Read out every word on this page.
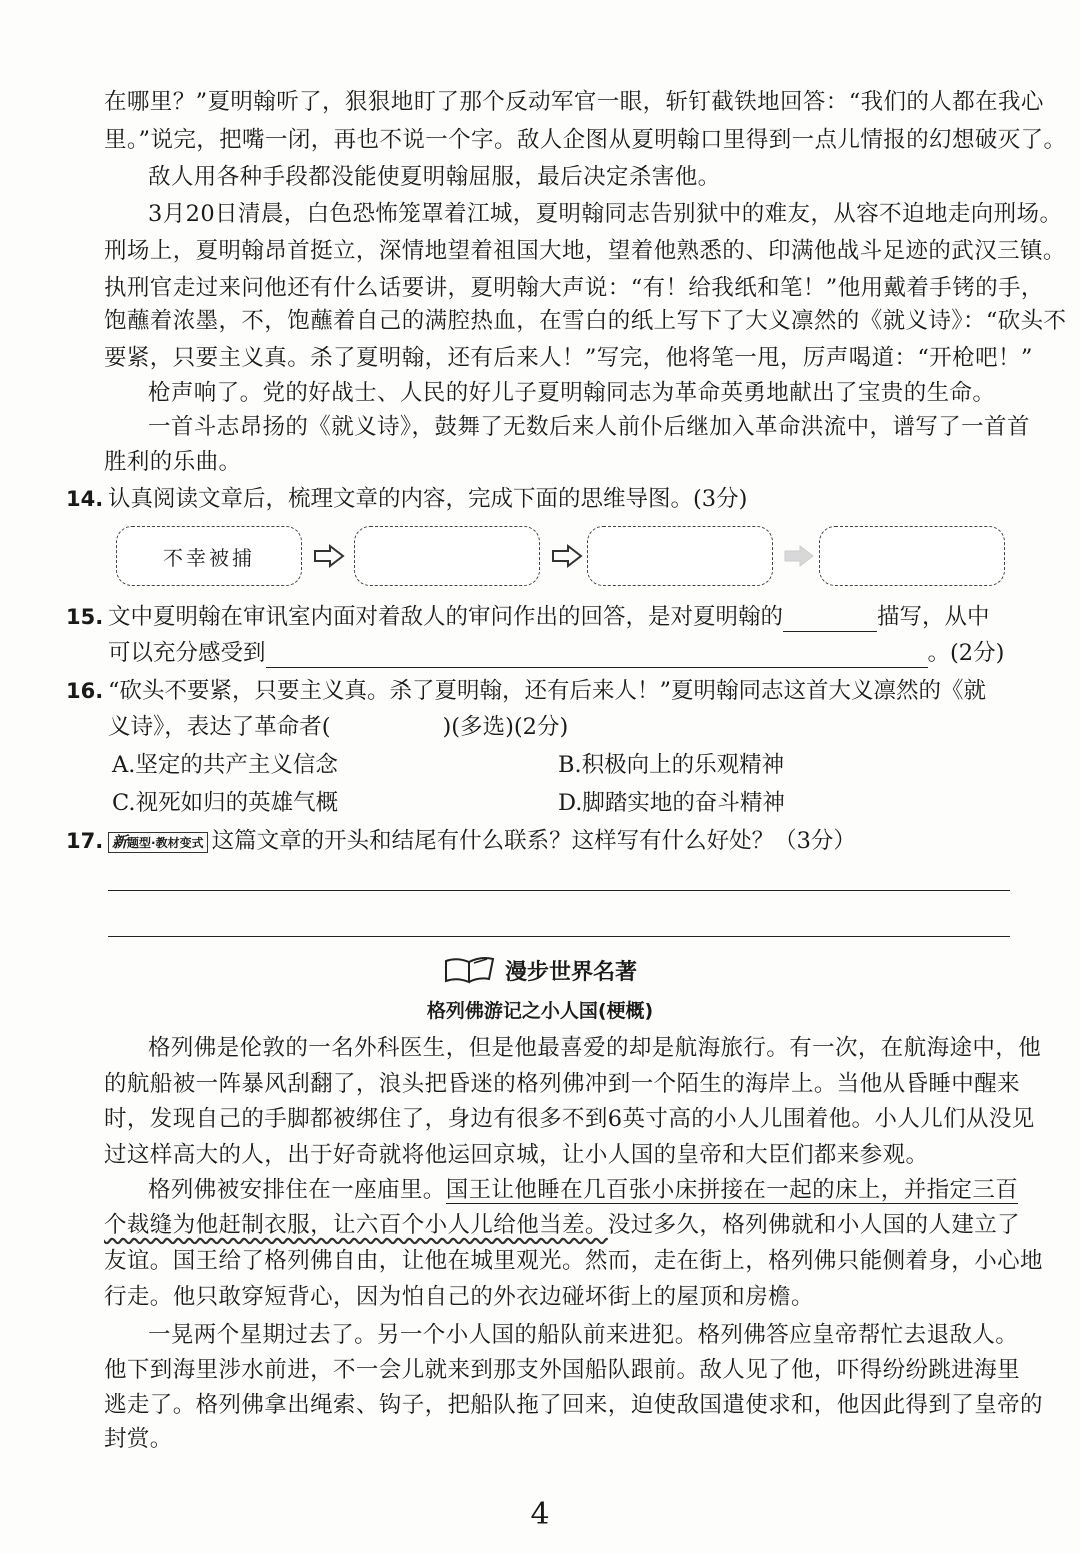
在哪里？”夏明翰听了，狠狠地盯了那个反动军官一眼，斩钉截铁地回答：“我们的人都在我心
里。”说完，把嘴一闭，再也不说一个字。敌人企图从夏明翰口里得到一点儿情报的幻想破灭了。
敌人用各种手段都没能使夏明翰屈服，最后决定杀害他。
3月20日清晨，白色恐怖笼罩着江城，夏明翰同志告别狱中的难友，从容不迫地走向刑场。
刑场上，夏明翰昂首挺立，深情地望着祖国大地，望着他熟悉的、印满他战斗足迹的武汉三镇。
执刑官走过来问他还有什么话要讲，夏明翰大声说：“有！给我纸和笔！”他用戴着手铐的手，
饱蘸着浓墨，不，饱蘸着自己的满腔热血，在雪白的纸上写下了大义凛然的《就义诗》：“砍头不
要紧，只要主义真。杀了夏明翰，还有后来人！”写完，他将笔一甩，厉声喝道：“开枪吧！”
枪声响了。党的好战士、人民的好儿子夏明翰同志为革命英勇地献出了宝贵的生命。
一首斗志昂扬的《就义诗》，鼓舞了无数后来人前仆后继加入革命洪流中，谱写了一首首
胜利的乐曲。
14. 认真阅读文章后，梳理文章的内容，完成下面的思维导图。(3分)
不幸被捕
15. 文中夏明翰在审讯室内面对着敌人的审问作出的回答，是对夏明翰的	描写，从中
可以充分感受到	。(2分)
16. “砍头不要紧，只要主义真。杀了夏明翰，还有后来人！”夏明翰同志这首大义凛然的《就
义诗》，表达了革命者(	)(多选)(2分)
A.坚定的共产主义信念	B.积极向上的乐观精神
C.视死如归的英雄气概	D.脚踏实地的奋斗精神
17. 新题型·教材变式 这篇文章的开头和结尾有什么联系？这样写有什么好处？（3分）
漫步世界名著
格列佛游记之小人国(梗概)
格列佛是伦敦的一名外科医生，但是他最喜爱的却是航海旅行。有一次，在航海途中，他
的航船被一阵暴风刮翻了，浪头把昏迷的格列佛冲到一个陌生的海岸上。当他从昏睡中醒来
时，发现自己的手脚都被绑住了，身边有很多不到6英寸高的小人儿围着他。小人儿们从没见
过这样高大的人，出于好奇就将他运回京城，让小人国的皇帝和大臣们都来参观。
格列佛被安排住在一座庙里。国王让他睡在几百张小床拼接在一起的床上，并指定三百
个裁缝为他赶制衣服，让六百个小人儿给他当差。没过多久，格列佛就和小人国的人建立了
友谊。国王给了格列佛自由，让他在城里观光。然而，走在街上，格列佛只能侧着身，小心地
行走。他只敢穿短背心，因为怕自己的外衣边碰坏街上的屋顶和房檐。
一晃两个星期过去了。另一个小人国的船队前来进犯。格列佛答应皇帝帮忙去退敌人。
他下到海里涉水前进，不一会儿就来到那支外国船队跟前。敌人见了他，吓得纷纷跳进海里
逃走了。格列佛拿出绳索、钩子，把船队拖了回来，迫使敌国遣使求和，他因此得到了皇帝的
封赏。
4
